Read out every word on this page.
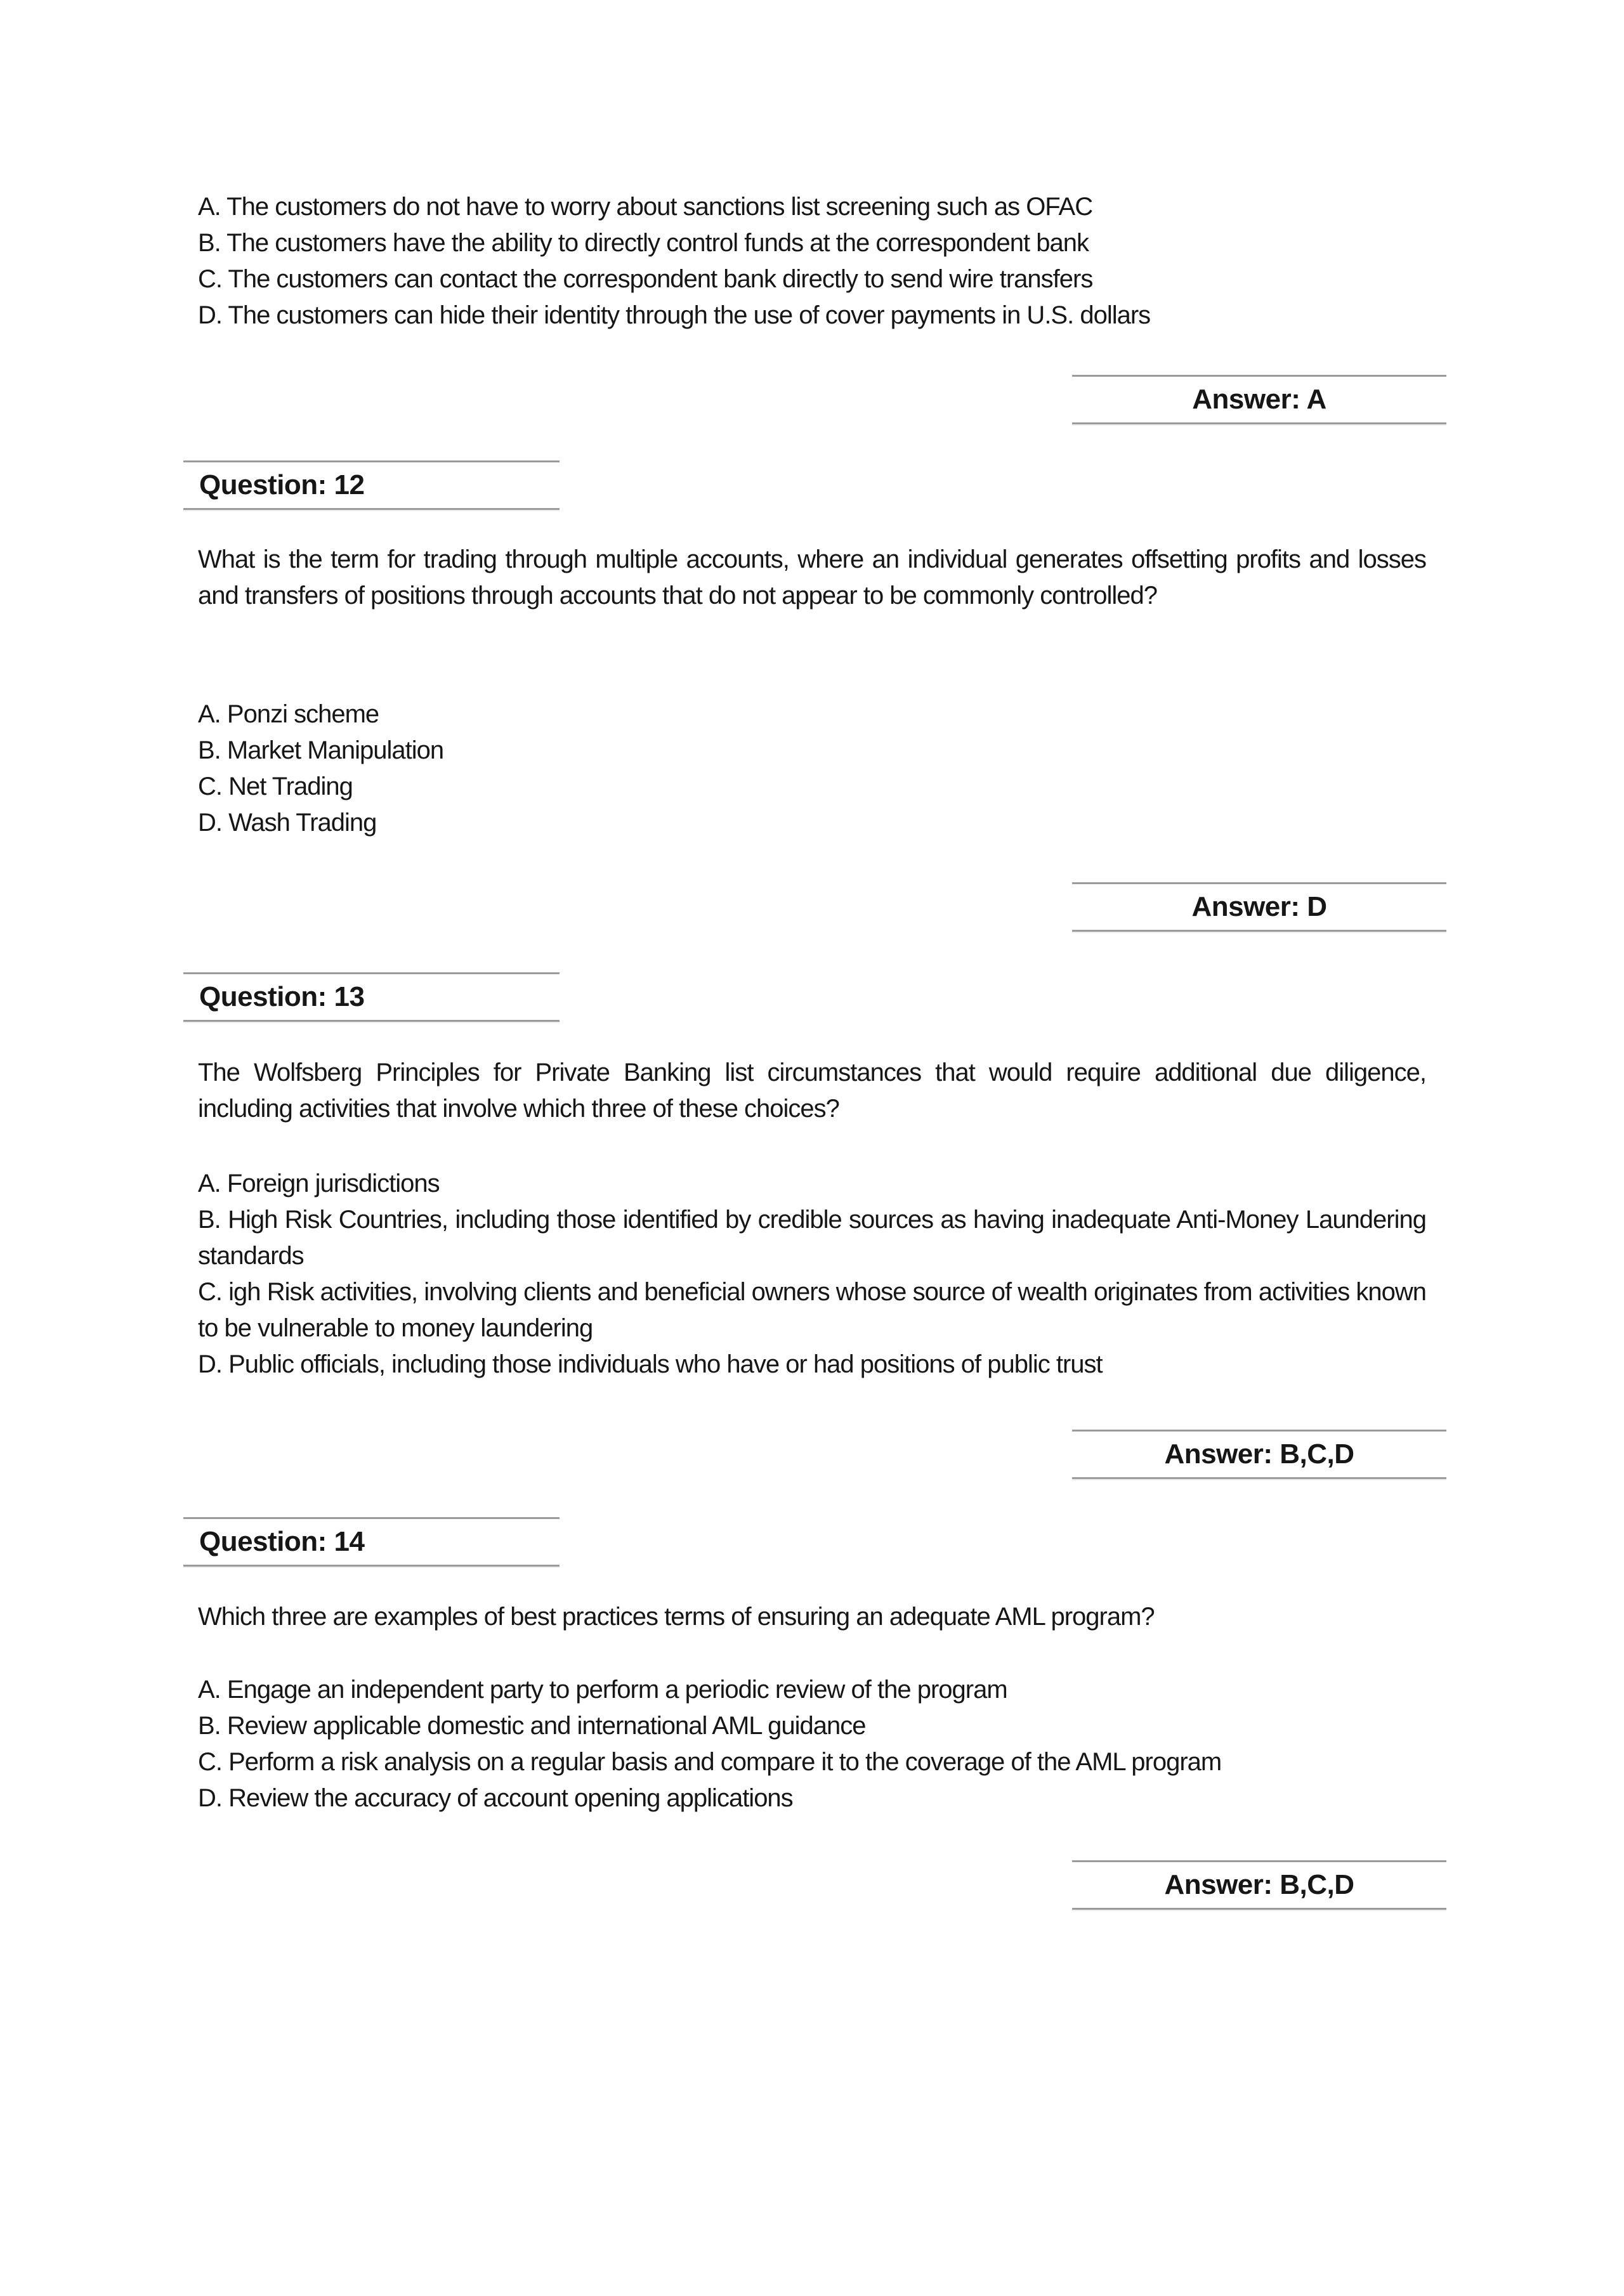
A. The customers do not have to worry about sanctions list screening such as OFAC
B. The customers have the ability to directly control funds at the correspondent bank
C. The customers can contact the correspondent bank directly to send wire transfers
D. The customers can hide their identity through the use of cover payments in U.S. dollars
Answer: A
Question: 12
What is the term for trading through multiple accounts, where an individual generates offsetting profits and losses and transfers of positions through accounts that do not appear to be commonly controlled?
A. Ponzi scheme
B. Market Manipulation
C. Net Trading
D. Wash Trading
Answer: D
Question: 13
The Wolfsberg Principles for Private Banking list circumstances that would require additional due diligence, including activities that involve which three of these choices?
A. Foreign jurisdictions
B. High Risk Countries, including those identified by credible sources as having inadequate Anti-Money Laundering standards
C. igh Risk activities, involving clients and beneficial owners whose source of wealth originates from activities known to be vulnerable to money laundering
D. Public officials, including those individuals who have or had positions of public trust
Answer: B,C,D
Question: 14
Which three are examples of best practices terms of ensuring an adequate AML program?
A. Engage an independent party to perform a periodic review of the program
B. Review applicable domestic and international AML guidance
C. Perform a risk analysis on a regular basis and compare it to the coverage of the AML program
D. Review the accuracy of account opening applications
Answer: B,C,D
